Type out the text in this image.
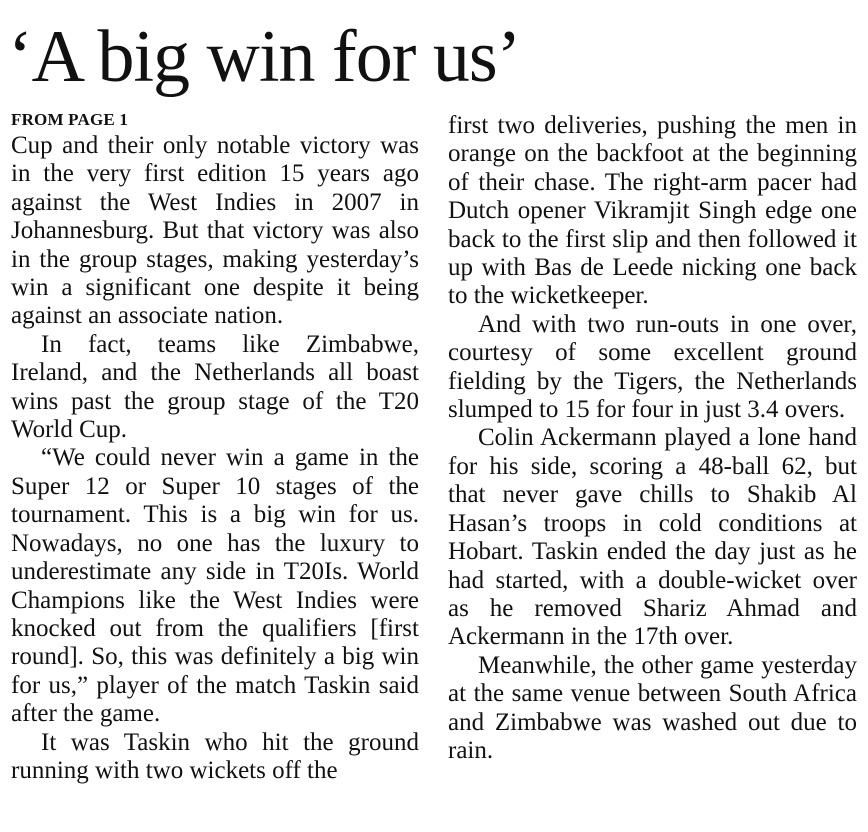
‘A big win for us’
FROM PAGE 1

Cup and their only notable victory was in the very first edition 15 years ago against the West Indies in 2007 in Johannesburg. But that victory was also in the group stages, making yesterday’s win a significant one despite it being against an associate nation.

In fact, teams like Zimbabwe, Ireland, and the Netherlands all boast wins past the group stage of the T20 World Cup.

“We could never win a game in the Super 12 or Super 10 stages of the tournament. This is a big win for us. Nowadays, no one has the luxury to underestimate any side in T20Is. World Champions like the West Indies were knocked out from the qualifiers [first round]. So, this was definitely a big win for us,” player of the match Taskin said after the game.

It was Taskin who hit the ground running with two wickets off the

first two deliveries, pushing the men in orange on the backfoot at the beginning of their chase. The right-arm pacer had Dutch opener Vikramjit Singh edge one back to the first slip and then followed it up with Bas de Leede nicking one back to the wicketkeeper.

And with two run-outs in one over, courtesy of some excellent ground fielding by the Tigers, the Netherlands slumped to 15 for four in just 3.4 overs.

Colin Ackermann played a lone hand for his side, scoring a 48-ball 62, but that never gave chills to Shakib Al Hasan’s troops in cold conditions at Hobart. Taskin ended the day just as he had started, with a double-wicket over as he removed Shariz Ahmad and Ackermann in the 17th over.

Meanwhile, the other game yesterday at the same venue between South Africa and Zimbabwe was washed out due to rain.
